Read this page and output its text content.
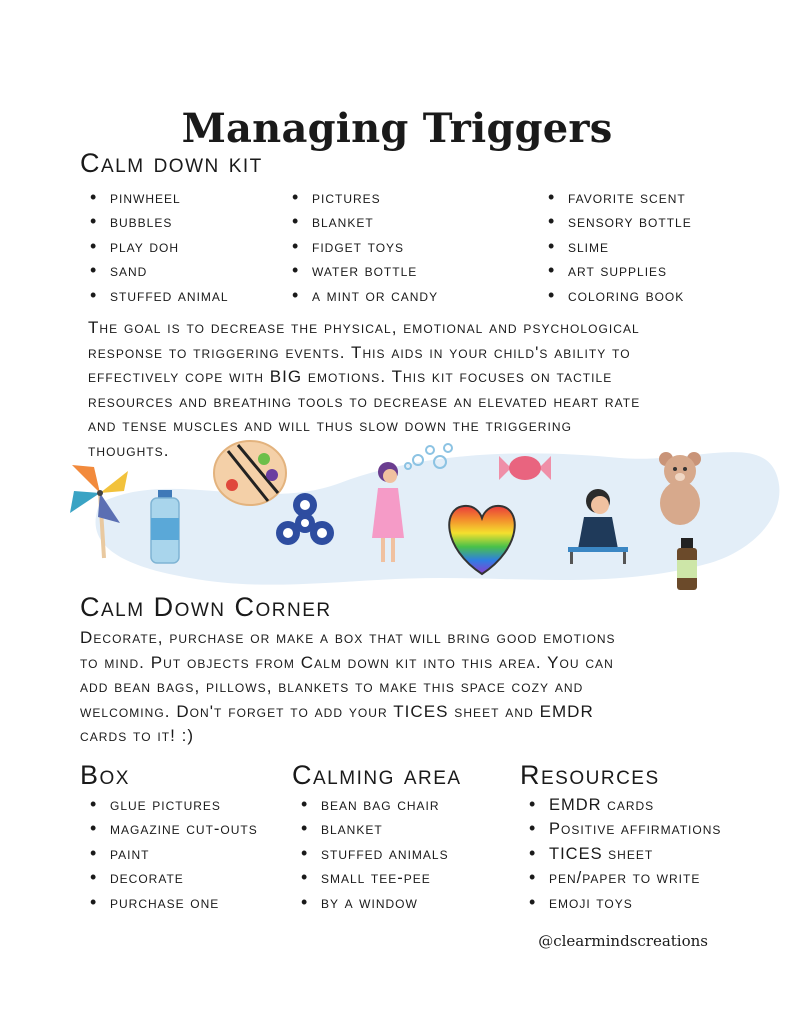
Managing Triggers
Calm down kit
• pinwheel
• bubbles
• play doh
• sand
• stuffed animal
• pictures
• blanket
• fidget toys
• water bottle
• a mint or candy
• favorite scent
• sensory bottle
• slime
• art supplies
• coloring book
The goal is to decrease the physical, emotional and psychological
response to triggering events. This aids in your child's ability to
effectively cope with BIG emotions. This kit focuses on tactile
resources and breathing tools to decrease an elevated heart rate
and tense muscles and will thus slow down the triggering
thoughts.
Calm Down Corner
Decorate, purchase or make a box that will bring good emotions
to mind. Put objects from Calm down kit into this area. You can
add bean bags, pillows, blankets to make this space cozy and
welcoming. Don't forget to add your TICES sheet and EMDR
cards to it! :)
Box	Calming area Resources
• glue pictures
• magazine cut-outs
• paint
• decorate
• purchase one
• bean bag chair
• blanket
• stuffed animals
• small tee-pee
• by a window
• EMDR cards
• Positive affirmations
• TICES sheet
• pen/paper to write
• emoji toys
@clearmindscreations
